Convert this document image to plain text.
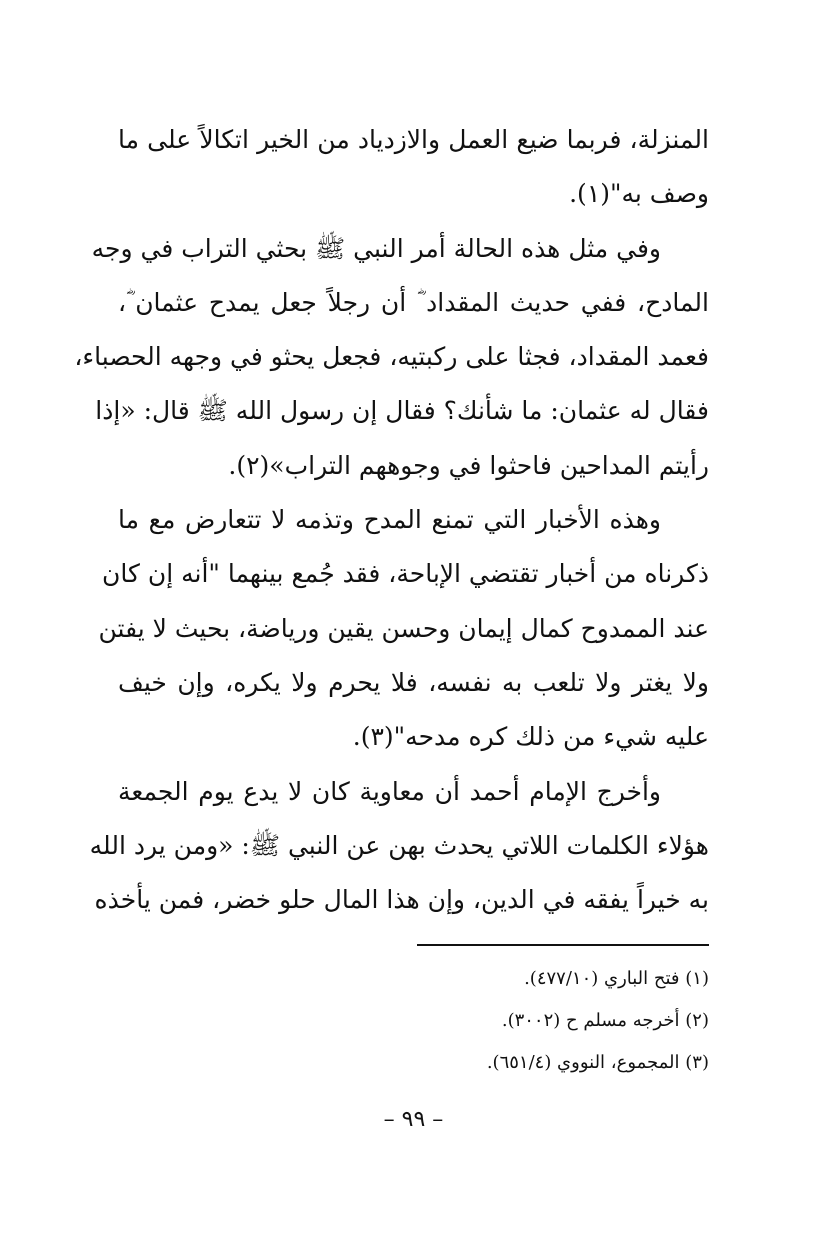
المنزلة، فربما ضيع العمل والازدياد من الخير اتكالاً على ما
وصف به"(١).
وفي مثل هذه الحالة أمر النبي ﷺ بحثي التراب في وجه
المادح، ففي حديث المقداد ؓ أن رجلاً جعل يمدح عثمان ؓ،
فعمد المقداد، فجثا على ركبتيه، فجعل يحثو في وجهه الحصباء،
فقال له عثمان: ما شأنك؟ فقال إن رسول الله ﷺ قال: «إذا
رأيتم المداحين فاحثوا في وجوههم التراب»(٢).
وهذه الأخبار التي تمنع المدح وتذمه لا تتعارض مع ما
ذكرناه من أخبار تقتضي الإباحة، فقد جُمع بينهما "أنه إن كان
عند الممدوح كمال إيمان وحسن يقين ورياضة، بحيث لا يفتن
ولا يغتر ولا تلعب به نفسه، فلا يحرم ولا يكره، وإن خيف
عليه شيء من ذلك كره مدحه"(٣).
وأخرج الإمام أحمد أن معاوية كان لا يدع يوم الجمعة
هؤلاء الكلمات اللاتي يحدث بهن عن النبي ﷺ: «ومن يرد الله
به خيراً يفقه في الدين، وإن هذا المال حلو خضر، فمن يأخذه
(١) فتح الباري (٤٧٧/١٠).
(٢) أخرجه مسلم ح (٣٠٠٢).
(٣) المجموع، النووي (٦٥١/٤).
– ٩٩ –
